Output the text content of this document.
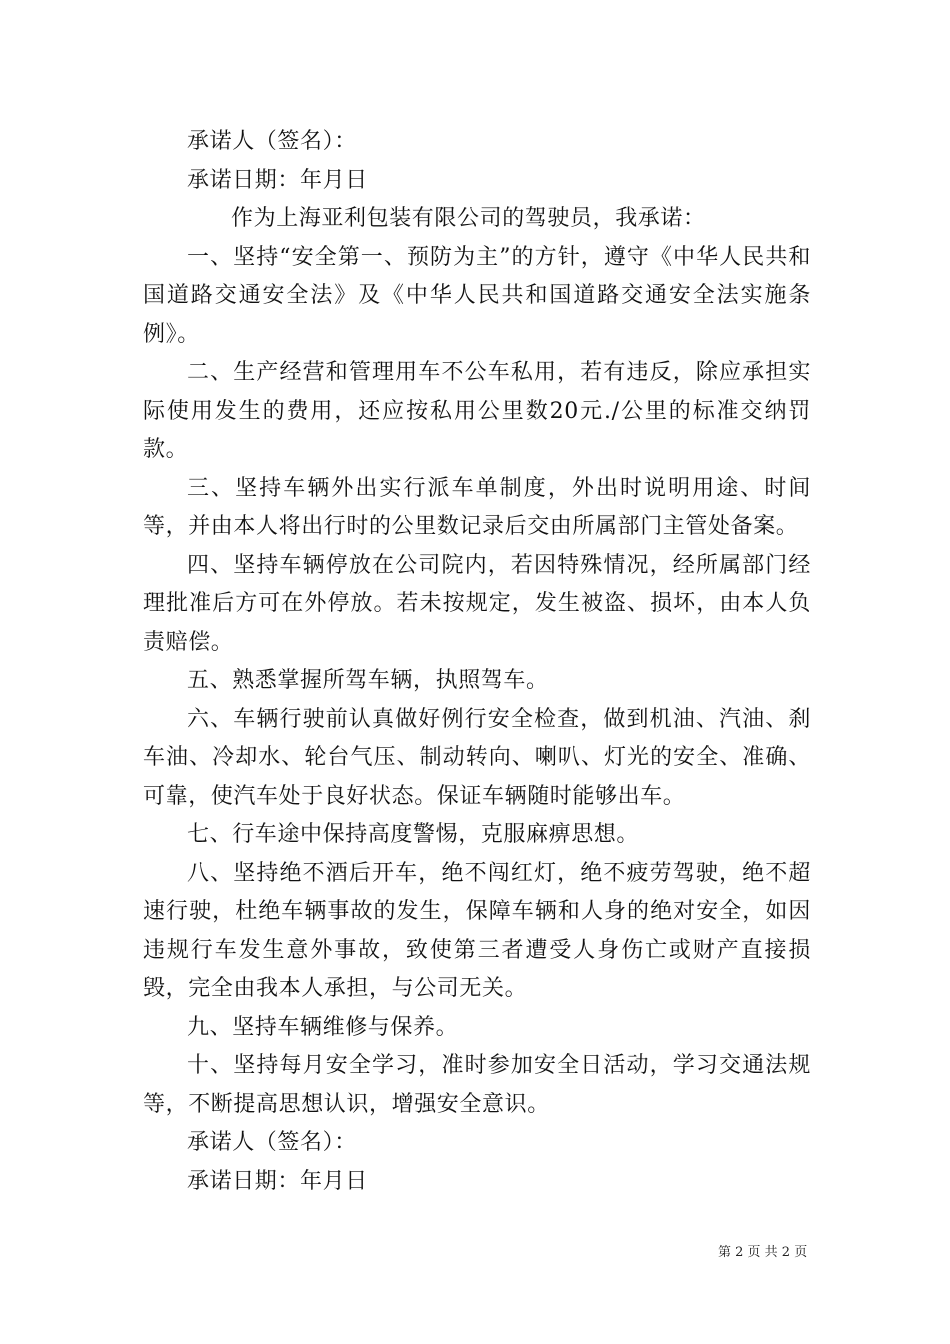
承诺人（签名）：

承诺日期：年月日

作为上海亚利包装有限公司的驾驶员，我承诺：

一、坚持“安全第一、预防为主”的方针，遵守《中华人民共和国道路交通安全法》及《中华人民共和国道路交通安全法实施条例》。

二、生产经营和管理用车不公车私用，若有违反，除应承担实际使用发生的费用，还应按私用公里数20元./公里的标准交纳罚款。

三、坚持车辆外出实行派车单制度，外出时说明用途、时间等，并由本人将出行时的公里数记录后交由所属部门主管处备案。

四、坚持车辆停放在公司院内，若因特殊情况，经所属部门经理批准后方可在外停放。若未按规定，发生被盗、损坏，由本人负责赔偿。

五、熟悉掌握所驾车辆，执照驾车。

六、车辆行驶前认真做好例行安全检查，做到机油、汽油、刹车油、冷却水、轮台气压、制动转向、喇叭、灯光的安全、准确、可靠，使汽车处于良好状态。保证车辆随时能够出车。

七、行车途中保持高度警惕，克服麻痹思想。

八、坚持绝不酒后开车，绝不闯红灯，绝不疲劳驾驶，绝不超速行驶，杜绝车辆事故的发生，保障车辆和人身的绝对安全，如因违规行车发生意外事故，致使第三者遭受人身伤亡或财产直接损毁，完全由我本人承担，与公司无关。

九、坚持车辆维修与保养。

十、坚持每月安全学习，准时参加安全日活动，学习交通法规等，不断提高思想认识，增强安全意识。

承诺人（签名）：

承诺日期：年月日

第 2 页 共 2 页
